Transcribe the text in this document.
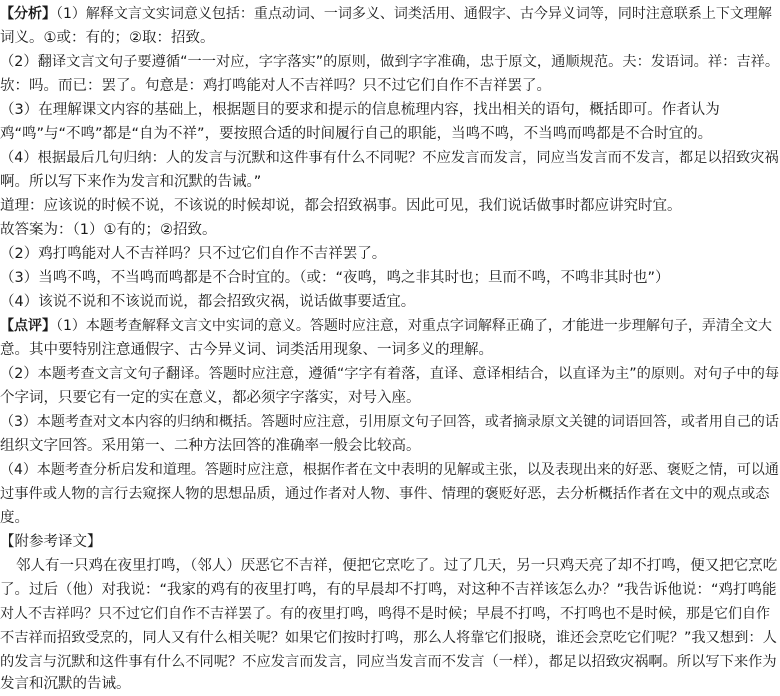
【分析】（1）解释文言文实词意义包括：重点动词、一词多义、词类活用、通假字、古今异义词等，同时注意联系上下文理解
词义。①或：有的；②取：招致。
（2）翻译文言文句子要遵循“一一对应，字字落实”的原则，做到字字准确，忠于原文，通顺规范。夫：发语词。祥：吉祥。
欤：吗。而已：罢了。句意是：鸡打鸣能对人不吉祥吗？只不过它们自作不吉祥罢了。
（3）在理解课文内容的基础上，根据题目的要求和提示的信息梳理内容，找出相关的语句，概括即可。作者认为
鸡“鸣”与“不鸣”都是“自为不祥”，要按照合适的时间履行自己的职能，当鸣不鸣，不当鸣而鸣都是不合时宜的。
（4）根据最后几句归纳：人的发言与沉默和这件事有什么不同呢？不应发言而发言，同应当发言而不发言，都足以招致灾祸
啊。所以写下来作为发言和沉默的告诫。”
道理：应该说的时候不说，不该说的时候却说，都会招致祸事。因此可见，我们说话做事时都应讲究时宜。
故答案为：（1）①有的；②招致。
（2）鸡打鸣能对人不吉祥吗？只不过它们自作不吉祥罢了。
（3）当鸣不鸣，不当鸣而鸣都是不合时宜的。（或：“夜鸣，鸣之非其时也；旦而不鸣，不鸣非其时也”）
（4）该说不说和不该说而说，都会招致灾祸，说话做事要适宜。
【点评】（1）本题考查解释文言文中实词的意义。答题时应注意，对重点字词解释正确了，才能进一步理解句子，弄清全文大
意。其中要特别注意通假字、古今异义词、词类活用现象、一词多义的理解。
（2）本题考查文言文句子翻译。答题时应注意，遵循“字字有着落，直译、意译相结合，以直译为主”的原则。对句子中的每
个字词，只要它有一定的实在意义，都必须字字落实，对号入座。
（3）本题考查对文本内容的归纳和概括。答题时应注意，引用原文句子回答，或者摘录原文关键的词语回答，或者用自己的话
组织文字回答。采用第一、二种方法回答的准确率一般会比较高。
（4）本题考查分析启发和道理。答题时应注意，根据作者在文中表明的见解或主张，以及表现出来的好恶、褒贬之情，可以通
过事件或人物的言行去窥探人物的思想品质，通过作者对人物、事件、情理的褒贬好恶，去分析概括作者在文中的观点或态
度。
【附参考译文】
邻人有一只鸡在夜里打鸣，（邻人）厌恶它不吉祥，便把它烹吃了。过了几天，另一只鸡天亮了却不打鸣，便又把它烹吃
了。过后（他）对我说：“我家的鸡有的夜里打鸣，有的早晨却不打鸣，对这种不吉祥该怎么办？”我告诉他说：“鸡打鸣能
对人不吉祥吗？只不过它们自作不吉祥罢了。有的夜里打鸣，鸣得不是时候；早晨不打鸣，不打鸣也不是时候，那是它们自作
不吉祥而招致受烹的，同人又有什么相关呢？如果它们按时打鸣，那么人将靠它们报晓，谁还会烹吃它们呢？”我又想到：人
的发言与沉默和这件事有什么不同呢？不应发言而发言，同应当发言而不发言（一样），都足以招致灾祸啊。所以写下来作为
发言和沉默的告诫。
